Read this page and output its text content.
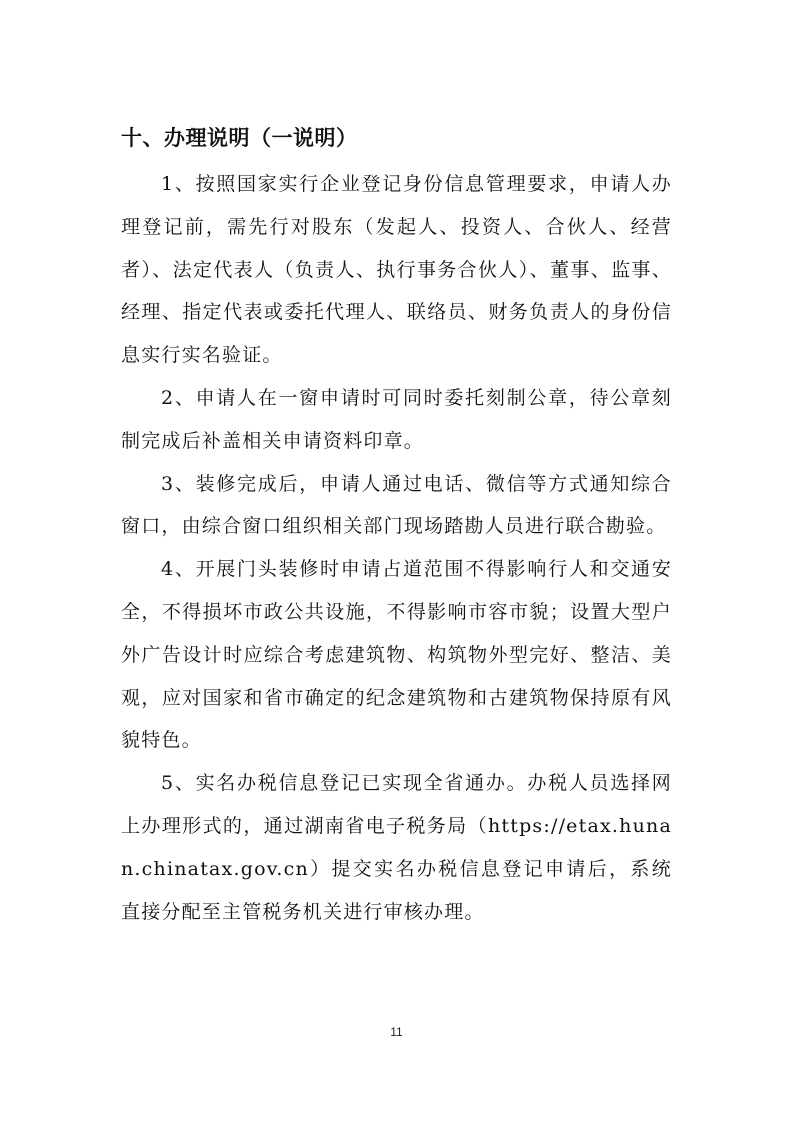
十、办理说明（一说明）

1、按照国家实行企业登记身份信息管理要求，申请人办理登记前，需先行对股东（发起人、投资人、合伙人、经营者）、法定代表人（负责人、执行事务合伙人）、董事、监事、经理、指定代表或委托代理人、联络员、财务负责人的身份信息实行实名验证。

2、申请人在一窗申请时可同时委托刻制公章，待公章刻制完成后补盖相关申请资料印章。

3、装修完成后，申请人通过电话、微信等方式通知综合窗口，由综合窗口组织相关部门现场踏勘人员进行联合勘验。

4、开展门头装修时申请占道范围不得影响行人和交通安全，不得损坏市政公共设施，不得影响市容市貌；设置大型户外广告设计时应综合考虑建筑物、构筑物外型完好、整洁、美观，应对国家和省市确定的纪念建筑物和古建筑物保持原有风貌特色。

5、实名办税信息登记已实现全省通办。办税人员选择网上办理形式的，通过湖南省电子税务局（https://etax.hunan.chinatax.gov.cn）提交实名办税信息登记申请后，系统直接分配至主管税务机关进行审核办理。

11
